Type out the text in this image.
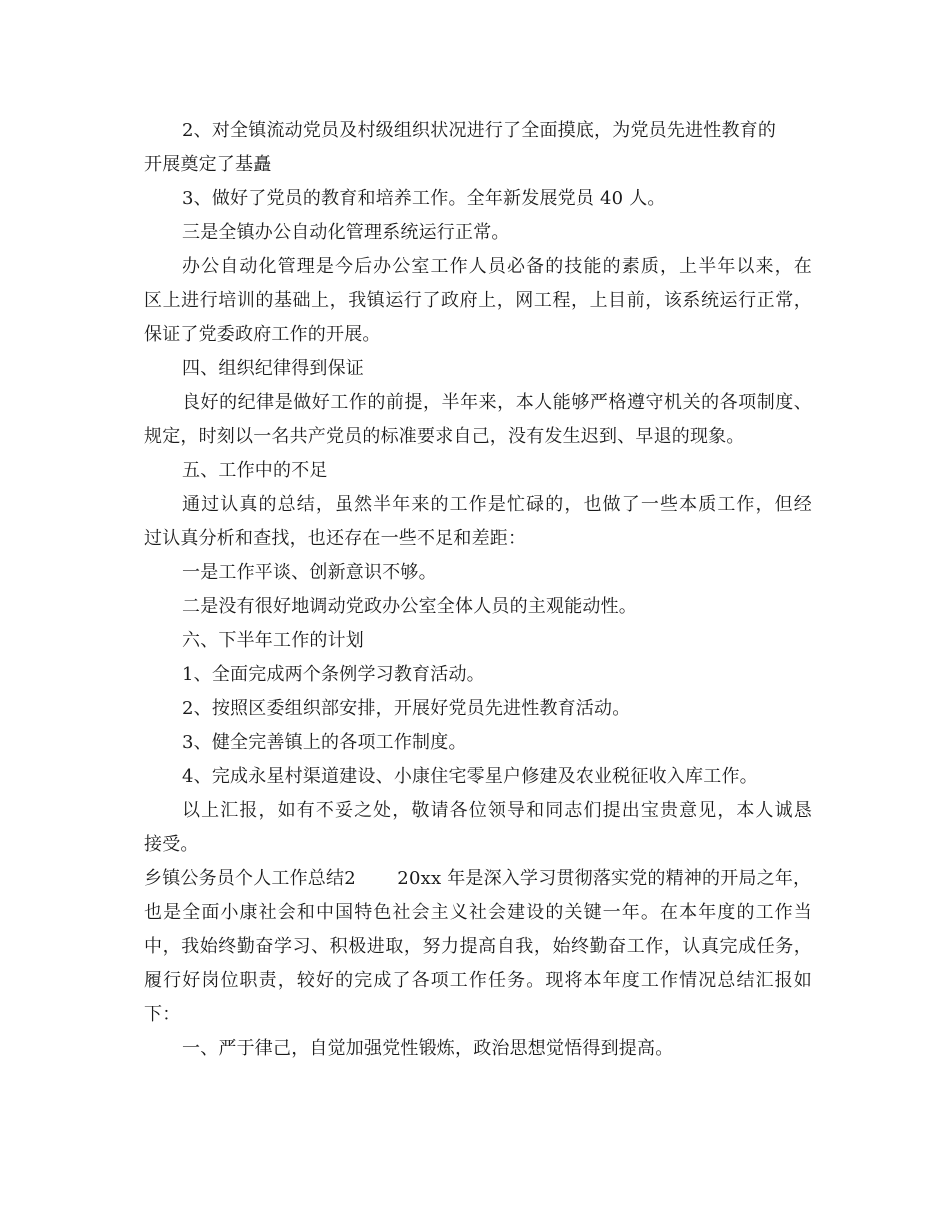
2、对全镇流动党员及村级组织状况进行了全面摸底，为党员先进性教育的
开展奠定了基矗
3、做好了党员的教育和培养工作。全年新发展党员 40 人。
三是全镇办公自动化管理系统运行正常。
办公自动化管理是今后办公室工作人员必备的技能的素质，上半年以来，在
区上进行培训的基础上，我镇运行了政府上，网工程，上目前，该系统运行正常，
保证了党委政府工作的开展。
四、组织纪律得到保证
良好的纪律是做好工作的前提，半年来，本人能够严格遵守机关的各项制度、
规定，时刻以一名共产党员的标准要求自己，没有发生迟到、早退的现象。
五、工作中的不足
通过认真的总结，虽然半年来的工作是忙碌的，也做了一些本质工作，但经
过认真分析和查找，也还存在一些不足和差距：
一是工作平谈、创新意识不够。
二是没有很好地调动党政办公室全体人员的主观能动性。
六、下半年工作的计划
1、全面完成两个条例学习教育活动。
2、按照区委组织部安排，开展好党员先进性教育活动。
3、健全完善镇上的各项工作制度。
4、完成永星村渠道建设、小康住宅零星户修建及农业税征收入库工作。
以上汇报，如有不妥之处，敬请各位领导和同志们提出宝贵意见，本人诚恳
接受。
乡镇公务员个人工作总结2       20xx 年是深入学习贯彻落实党的精神的开局之年，
也是全面小康社会和中国特色社会主义社会建设的关键一年。在本年度的工作当
中，我始终勤奋学习、积极进取，努力提高自我，始终勤奋工作，认真完成任务，
履行好岗位职责，较好的完成了各项工作任务。现将本年度工作情况总结汇报如
下：
一、严于律己，自觉加强党性锻炼，政治思想觉悟得到提高。
